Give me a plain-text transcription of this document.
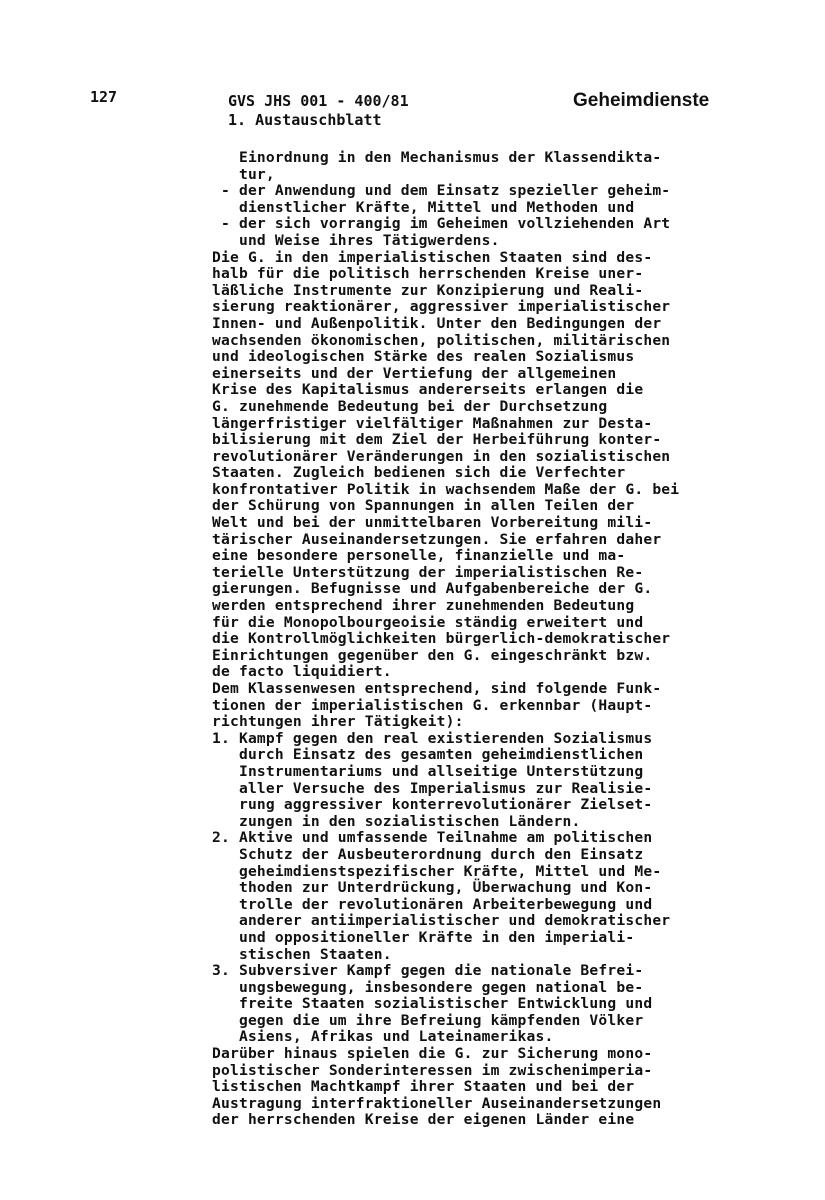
127	GVS JHS 001 - 400/81
1. Austauschblatt
Geheimdienste
Einordnung in den Mechanismus der Klassendikta-
tur,
- der Anwendung und dem Einsatz spezieller geheim-
dienstlicher Kräfte, Mittel und Methoden und
- der sich vorrangig im Geheimen vollziehenden Art
und Weise ihres Tätigwerdens.
Die G. in den imperialistischen Staaten sind des-
halb für die politisch herrschenden Kreise uner-
läßliche Instrumente zur Konzipierung und Reali-
sierung reaktionärer, aggressiver imperialistischer
Innen- und Außenpolitik. Unter den Bedingungen der
wachsenden ökonomischen, politischen, militärischen
und ideologischen Stärke des realen Sozialismus
einerseits und der Vertiefung der allgemeinen
Krise des Kapitalismus andererseits erlangen die
G. zunehmende Bedeutung bei der Durchsetzung
längerfristiger vielfältiger Maßnahmen zur Desta-
bilisierung mit dem Ziel der Herbeiführung konter-
revolutionärer Veränderungen in den sozialistischen
Staaten. Zugleich bedienen sich die Verfechter
konfrontativer Politik in wachsendem Maße der G. bei
der Schürung von Spannungen in allen Teilen der
Welt und bei der unmittelbaren Vorbereitung mili-
tärischer Auseinandersetzungen. Sie erfahren daher
eine besondere personelle, finanzielle und ma-
terielle Unterstützung der imperialistischen Re-
gierungen. Befugnisse und Aufgabenbereiche der G.
werden entsprechend ihrer zunehmenden Bedeutung
für die Monopolbourgeoisie ständig erweitert und
die Kontrollmöglichkeiten bürgerlich-demokratischer
Einrichtungen gegenüber den G. eingeschränkt bzw.
de facto liquidiert.
Dem Klassenwesen entsprechend, sind folgende Funk-
tionen der imperialistischen G. erkennbar (Haupt-
richtungen ihrer Tätigkeit):
1. Kampf gegen den real existierenden Sozialismus
durch Einsatz des gesamten geheimdienstlichen
Instrumentariums und allseitige Unterstützung
aller Versuche des Imperialismus zur Realisie-
rung aggressiver konterrevolutionärer Zielset-
zungen in den sozialistischen Ländern.
2. Aktive und umfassende Teilnahme am politischen
Schutz der Ausbeuterordnung durch den Einsatz
geheimdienstspezifischer Kräfte, Mittel und Me-
thoden zur Unterdrückung, Überwachung und Kon-
trolle der revolutionären Arbeiterbewegung und
anderer antiimperialistischer und demokratischer
und oppositioneller Kräfte in den imperiali-
stischen Staaten.
3. Subversiver Kampf gegen die nationale Befrei-
ungsbewegung, insbesondere gegen national be-
freite Staaten sozialistischer Entwicklung und
gegen die um ihre Befreiung kämpfenden Völker
Asiens, Afrikas und Lateinamerikas.
Darüber hinaus spielen die G. zur Sicherung mono-
polistischer Sonderinteressen im zwischenimperia-
listischen Machtkampf ihrer Staaten und bei der
Austragung interfraktioneller Auseinandersetzungen
der herrschenden Kreise der eigenen Länder eine
